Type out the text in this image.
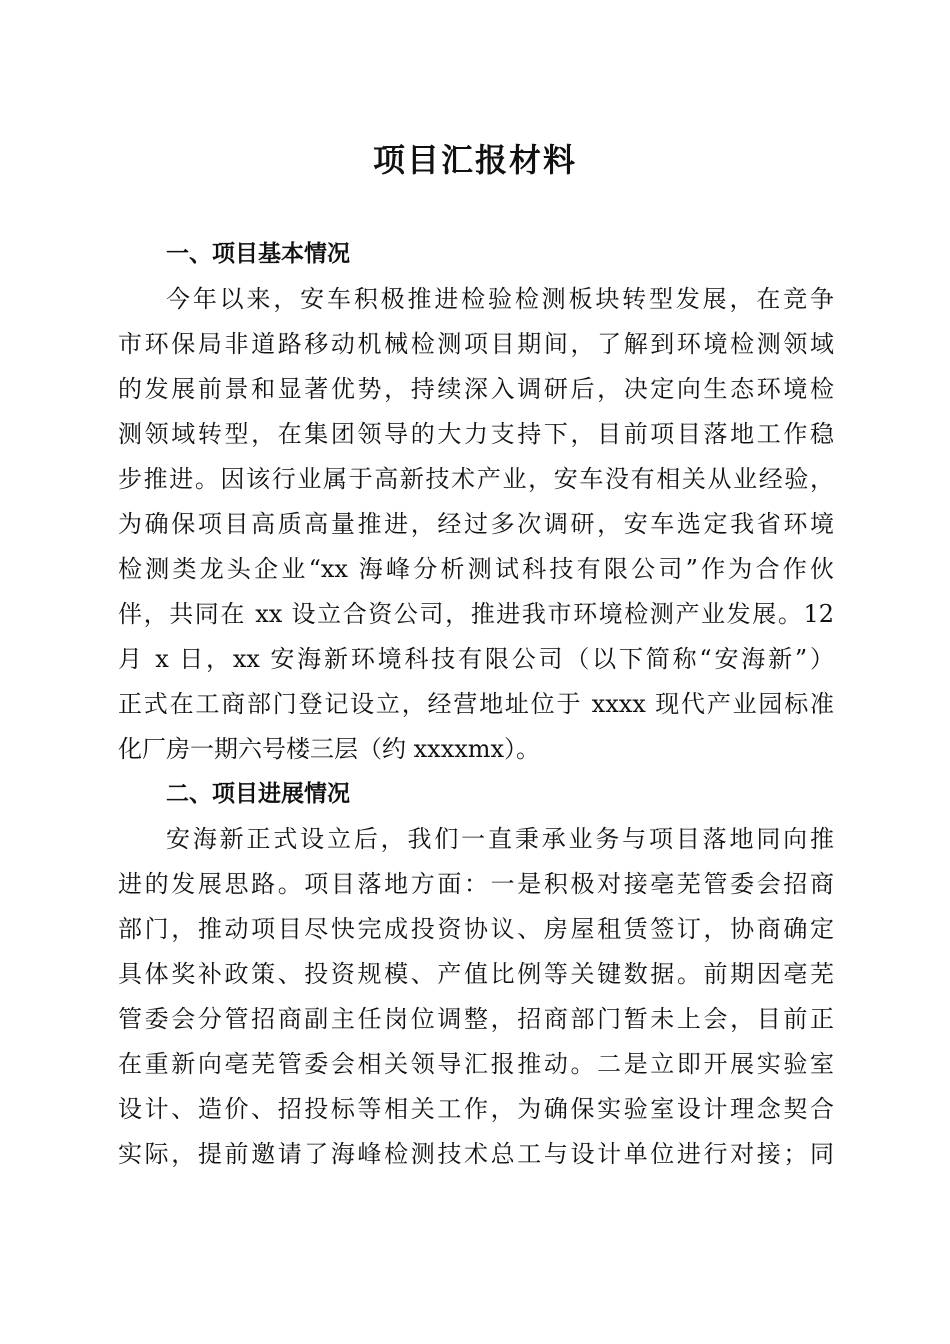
项目汇报材料
一、项目基本情况
今年以来，安车积极推进检验检测板块转型发展，在竞争
市环保局非道路移动机械检测项目期间，了解到环境检测领域
的发展前景和显著优势，持续深入调研后，决定向生态环境检
测领域转型，在集团领导的大力支持下，目前项目落地工作稳
步推进。因该行业属于高新技术产业，安车没有相关从业经验，
为确保项目高质高量推进，经过多次调研，安车选定我省环境
检测类龙头企业“xx 海峰分析测试科技有限公司”作为合作伙
伴，共同在 xx 设立合资公司，推进我市环境检测产业发展。12
月 x 日，xx 安海新环境科技有限公司（以下简称“安海新”）
正式在工商部门登记设立，经营地址位于 xxxx 现代产业园标准
化厂房一期六号楼三层（约 xxxxmx）。
二、项目进展情况
安海新正式设立后，我们一直秉承业务与项目落地同向推
进的发展思路。项目落地方面：一是积极对接亳芜管委会招商
部门，推动项目尽快完成投资协议、房屋租赁签订，协商确定
具体奖补政策、投资规模、产值比例等关键数据。前期因亳芜
管委会分管招商副主任岗位调整，招商部门暂未上会，目前正
在重新向亳芜管委会相关领导汇报推动。二是立即开展实验室
设计、造价、招投标等相关工作，为确保实验室设计理念契合
实际，提前邀请了海峰检测技术总工与设计单位进行对接；同
